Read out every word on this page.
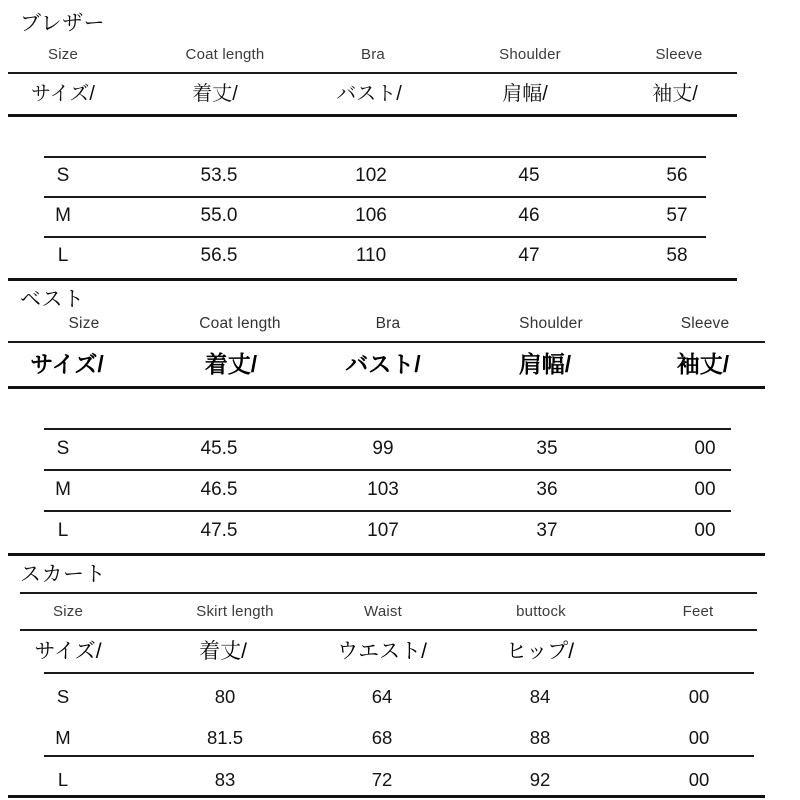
ブレザー
Size	Coat length	Bra	Shoulder	Sleeve
サイズ/	着丈/	バスト/	肩幅/	袖丈/
S	53.5	102	45	56
M	55.0	106	46	57
L	56.5	110	47	58
ベスト
Size	Coat length	Bra	Shoulder	Sleeve
サイズ/	着丈/	バスト/	肩幅/	袖丈/
S	45.5	99	35	00
M	46.5	103	36	00
L	47.5	107	37	00
スカート
Size	Skirt length	Waist	buttock	Feet
サイズ/	着丈/	ウエスト/	ヒップ/
S	80	64	84	00
M	81.5	68	88	00
L	83	72	92	00
